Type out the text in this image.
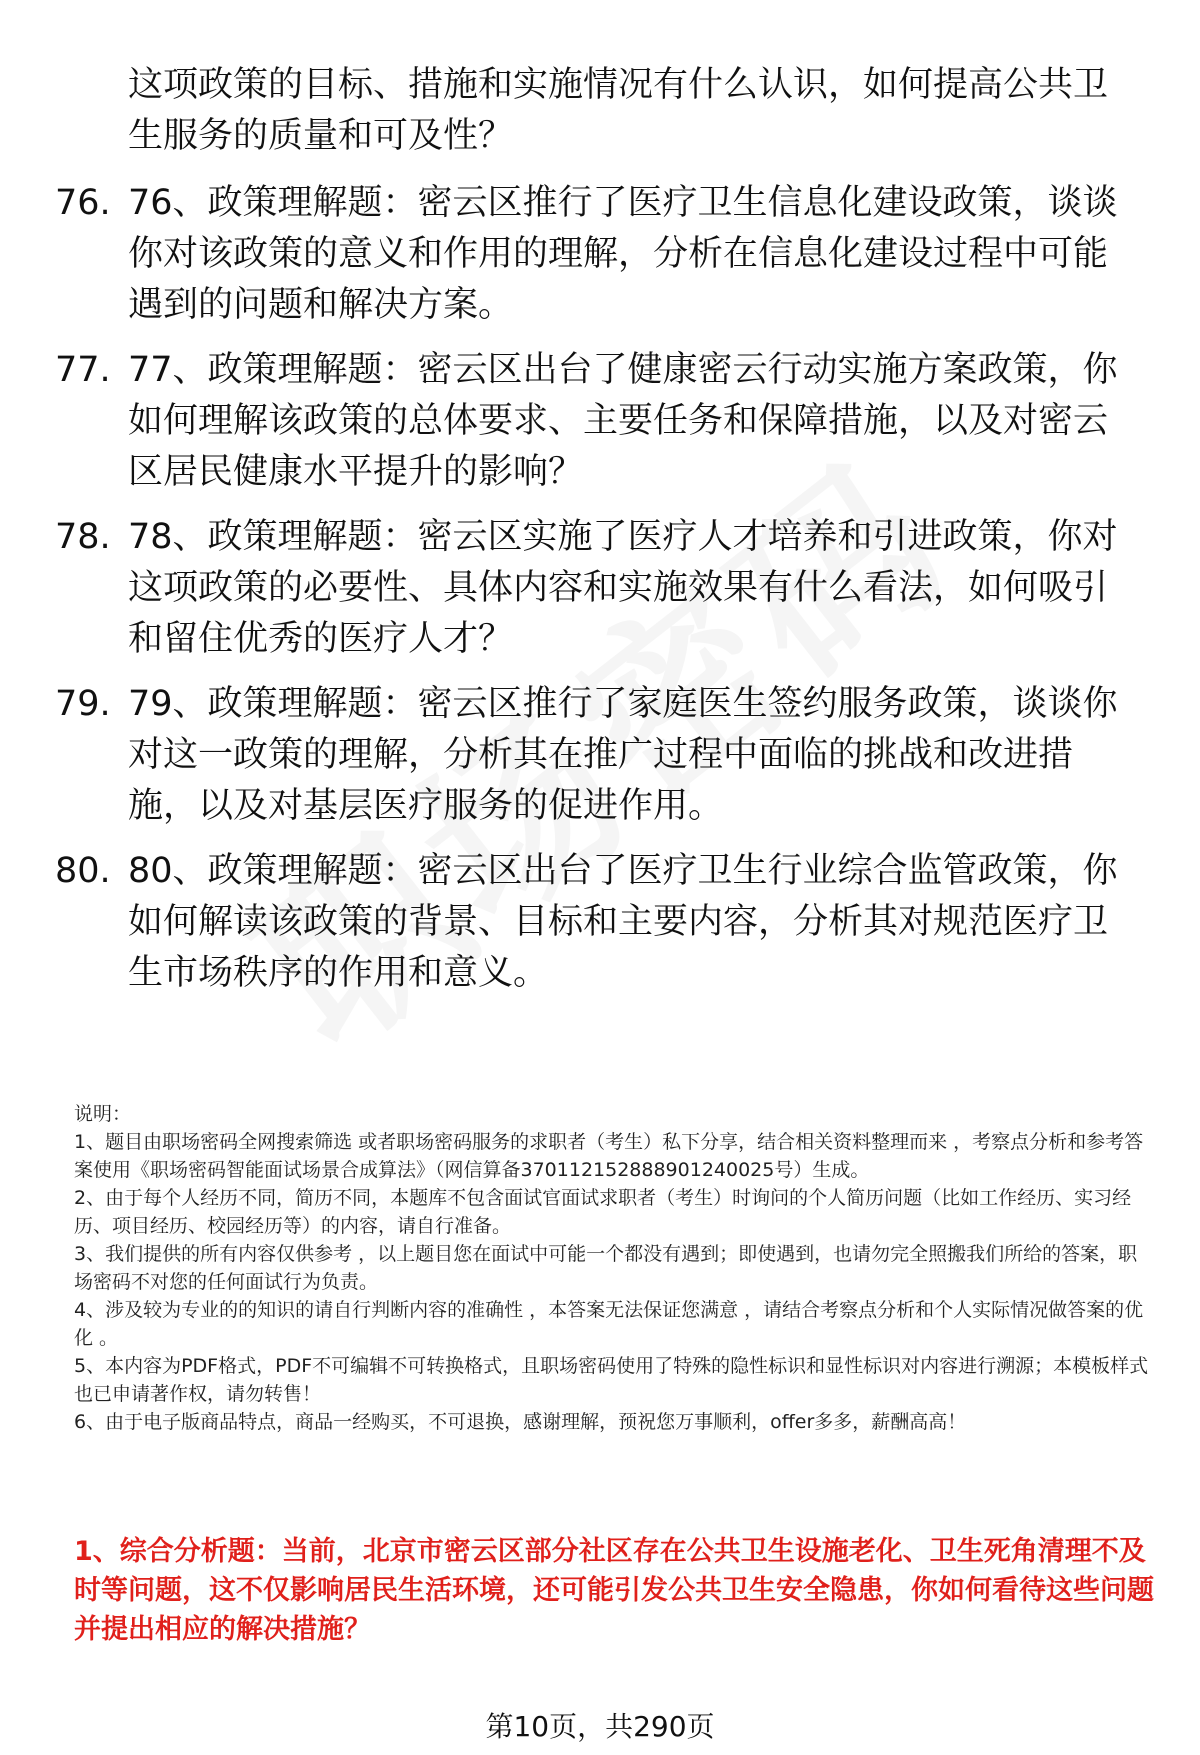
这项政策的目标、措施和实施情况有什么认识，如何提高公共卫生服务的质量和可及性？
76. 76、政策理解题：密云区推行了医疗卫生信息化建设政策，谈谈你对该政策的意义和作用的理解，分析在信息化建设过程中可能遇到的问题和解决方案。
77. 77、政策理解题：密云区出台了健康密云行动实施方案政策，你如何理解该政策的总体要求、主要任务和保障措施，以及对密云区居民健康水平提升的影响？
78. 78、政策理解题：密云区实施了医疗人才培养和引进政策，你对这项政策的必要性、具体内容和实施效果有什么看法，如何吸引和留住优秀的医疗人才？
79. 79、政策理解题：密云区推行了家庭医生签约服务政策，谈谈你对这一政策的理解，分析其在推广过程中面临的挑战和改进措施，以及对基层医疗服务的促进作用。
80. 80、政策理解题：密云区出台了医疗卫生行业综合监管政策，你如何解读该政策的背景、目标和主要内容，分析其对规范医疗卫生市场秩序的作用和意义。

说明：

1、题目由职场密码全网搜索筛选 或者职场密码服务的求职者（考生）私下分享，结合相关资料整理而来 ，考察点分析和参考答案使用《职场密码智能面试场景合成算法》（网信算备370112152888901240025号）生成。

2、由于每个人经历不同，简历不同，本题库不包含面试官面试求职者（考生）时询问的个人简历问题（比如工作经历、实习经历、项目经历、校园经历等）的内容，请自行准备。

3、我们提供的所有内容仅供参考 ，以上题目您在面试中可能一个都没有遇到；即使遇到，也请勿完全照搬我们所给的答案，职场密码不对您的任何面试行为负责。

4、涉及较为专业的的知识的请自行判断内容的准确性 ，本答案无法保证您满意 ，请结合考察点分析和个人实际情况做答案的优化 。

5、本内容为PDF格式，PDF不可编辑不可转换格式，且职场密码使用了特殊的隐性标识和显性标识对内容进行溯源；本模板样式也已申请著作权，请勿转售！

6、由于电子版商品特点，商品一经购买，不可退换，感谢理解，预祝您万事顺利，offer多多，薪酬高高！

1、综合分析题：当前，北京市密云区部分社区存在公共卫生设施老化、卫生死角清理不及时等问题，这不仅影响居民生活环境，还可能引发公共卫生安全隐患，你如何看待这些问题并提出相应的解决措施？
第10页，共290页
